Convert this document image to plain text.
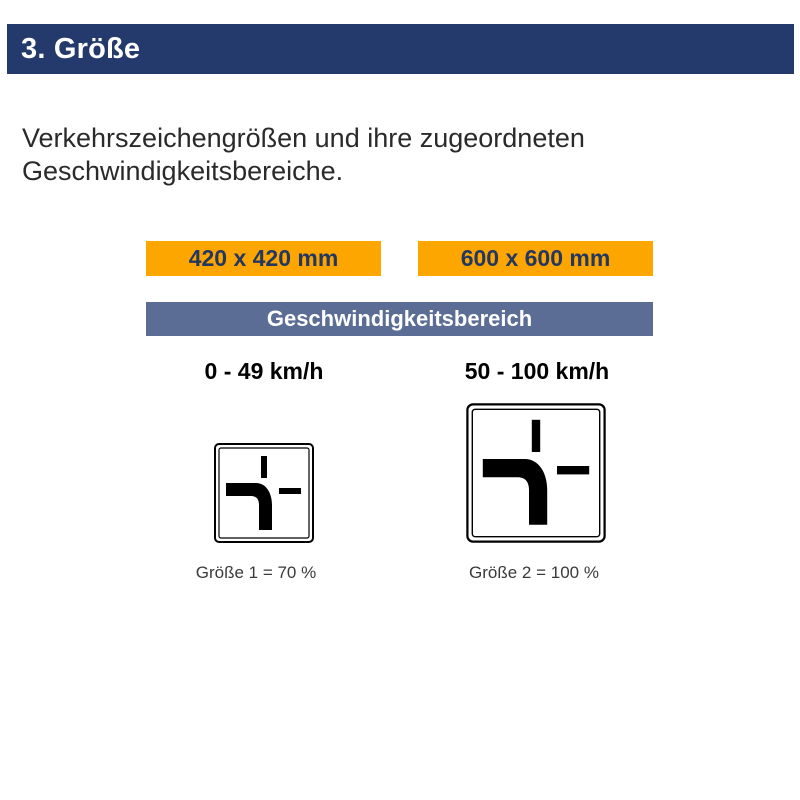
3. Größe

Verkehrszeichengrößen und ihre zugeordneten Geschwindigkeitsbereiche.

420 x 420 mm	600 x 600 mm
Geschwindigkeitsbereich
0 - 49 km/h	50 - 100 km/h
Größe 1 = 70 %	Größe 2 = 100 %
